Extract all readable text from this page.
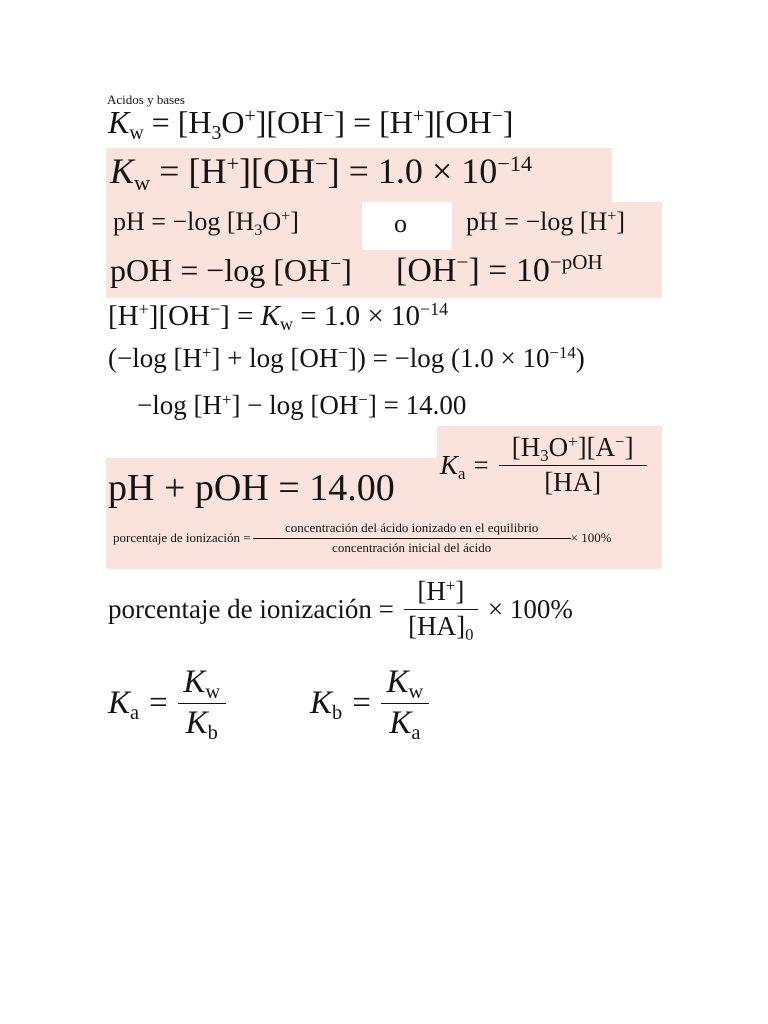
Acidos y bases
$K_w = [H_3O^+][OH^-] = [H^+][OH^-]$
$K_w = [H^+][OH^-] = 1.0 \times 10^{-14}$
pH = −log $[H_3O^+]$	o pH = −log [H+]
pOH = −log [OH−] $[OH^-] = 10^{-pOH}$
$[H^+][OH^-] = K_w = 1.0 \times 10^{-14}$
(−log [H+] + log [OH−]) = −log $(1.0 \times 10^{-14})$
−log [H+] − log [OH−] = 14.00
pH + pOH = 14.00
$K_a = \frac{[H_3O^+][A^-]}{[HA]}$
porcentaje de ionización = $\frac{\text{concentración del ácido ionizado en el equilibrio}}{\text{concentración inicial del ácido}} \times 100\%$
porcentaje de ionización = $\frac{[H^+]}{[HA]_0} \times 100\%$
$K_a = \frac{K_w}{K_b}$	$K_b = \frac{K_w}{K_a}$
